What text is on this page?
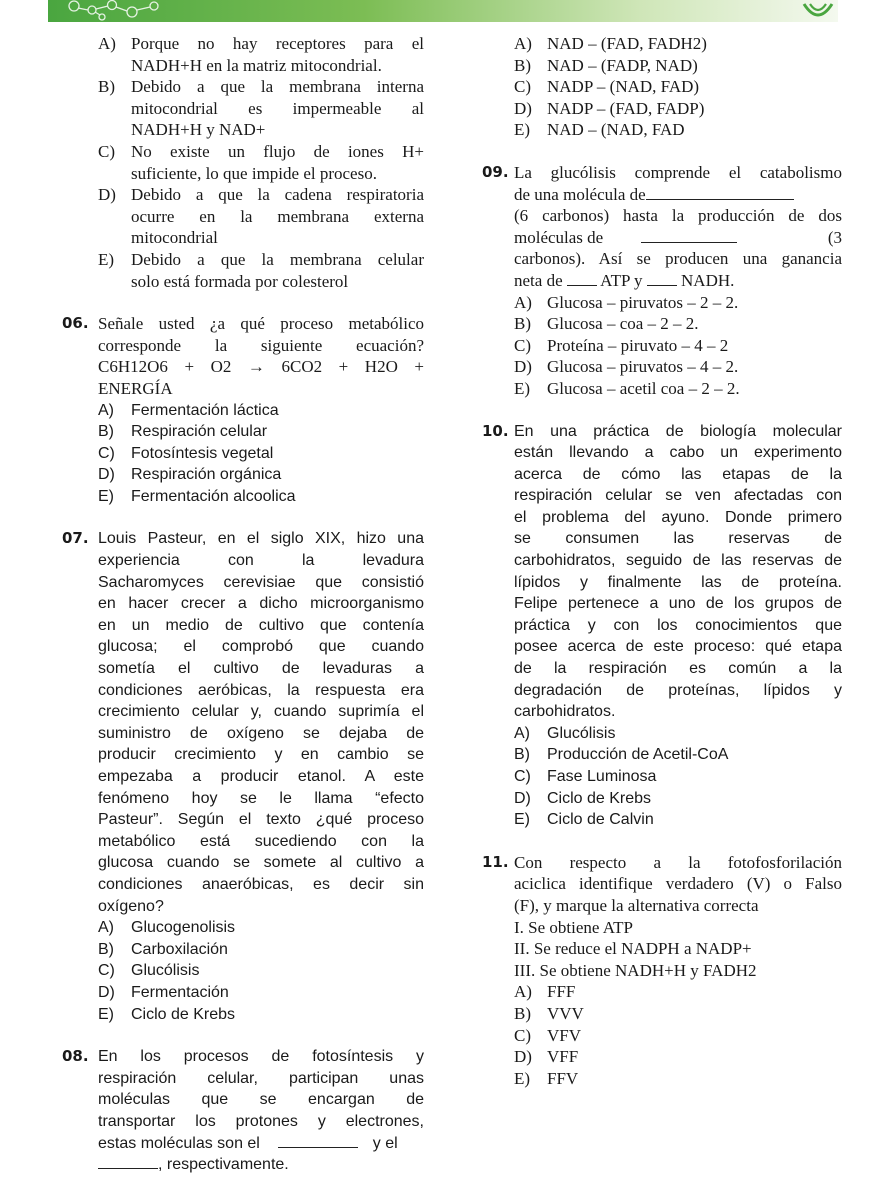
A) Porque no hay receptores para el
NADH+H en la matriz mitocondrial.
B) Debido a que la membrana interna
mitocondrial es impermeable al
NADH+H y NAD+
C) No existe un flujo de iones H+
suficiente, lo que impide el proceso.
D) Debido a que la cadena respiratoria
ocurre en la membrana externa
mitocondrial
E) Debido a que la membrana celular
solo está formada por colesterol
06. Señale usted ¿a qué proceso metabólico
corresponde la siguiente ecuación?
C6H12O6 + O2 → 6CO2 + H2O +
ENERGÍA
A) Fermentación láctica
B) Respiración celular
C) Fotosíntesis vegetal
D) Respiración orgánica
E) Fermentación alcoolica
07. Louis Pasteur, en el siglo XIX, hizo una
experiencia con la levadura
Sacharomyces cerevisiae que consistió
en hacer crecer a dicho microorganismo
en un medio de cultivo que contenía
glucosa; el comprobó que cuando
sometía el cultivo de levaduras a
condiciones aeróbicas, la respuesta era
crecimiento celular y, cuando suprimía el
suministro de oxígeno se dejaba de
producir crecimiento y en cambio se
empezaba a producir etanol. A este
fenómeno hoy se le llama “efecto
Pasteur”. Según el texto ¿qué proceso
metabólico está sucediendo con la
glucosa cuando se somete al cultivo a
condiciones anaeróbicas, es decir sin
oxígeno?
A) Glucogenolisis
B) Carboxilación
C) Glucólisis
D) Fermentación
E) Ciclo de Krebs
08. En los procesos de fotosíntesis y
respiración celular, participan unas
moléculas que se encargan de
transportar los protones y electrones,
estas moléculas son el	y el
, respectivamente.
A) NAD – (FAD, FADH2)
B) NAD – (FADP, NAD)
C) NADP – (NAD, FAD)
D) NADP – (FAD, FADP)
E) NAD – (NAD, FAD
09. La glucólisis comprende el catabolismo
de una molécula de
(6 carbonos) hasta la producción de dos
moléculas de	(3
carbonos). Así se producen una ganancia
neta de ATP y NADH.
A) Glucosa – piruvatos – 2 – 2.
B) Glucosa – coa – 2 – 2.
C) Proteína – piruvato – 4 – 2
D) Glucosa – piruvatos – 4 – 2.
E) Glucosa – acetil coa – 2 – 2.
10. En una práctica de biología molecular
están llevando a cabo un experimento
acerca de cómo las etapas de la
respiración celular se ven afectadas con
el problema del ayuno. Donde primero
se consumen las reservas de
carbohidratos, seguido de las reservas de
lípidos y finalmente las de proteína.
Felipe pertenece a uno de los grupos de
práctica y con los conocimientos que
posee acerca de este proceso: qué etapa
de la respiración es común a la
degradación de proteínas, lípidos y
carbohidratos.
A) Glucólisis
B) Producción de Acetil-CoA
C) Fase Luminosa
D) Ciclo de Krebs
E) Ciclo de Calvin
11. Con respecto a la fotofosforilación
aciclica identifique verdadero (V) o Falso
(F), y marque la alternativa correcta
I. Se obtiene ATP
II. Se reduce el NADPH a NADP+
III. Se obtiene NADH+H y FADH2
A) FFF
B) VVV
C) VFV
D) VFF
E) FFV
